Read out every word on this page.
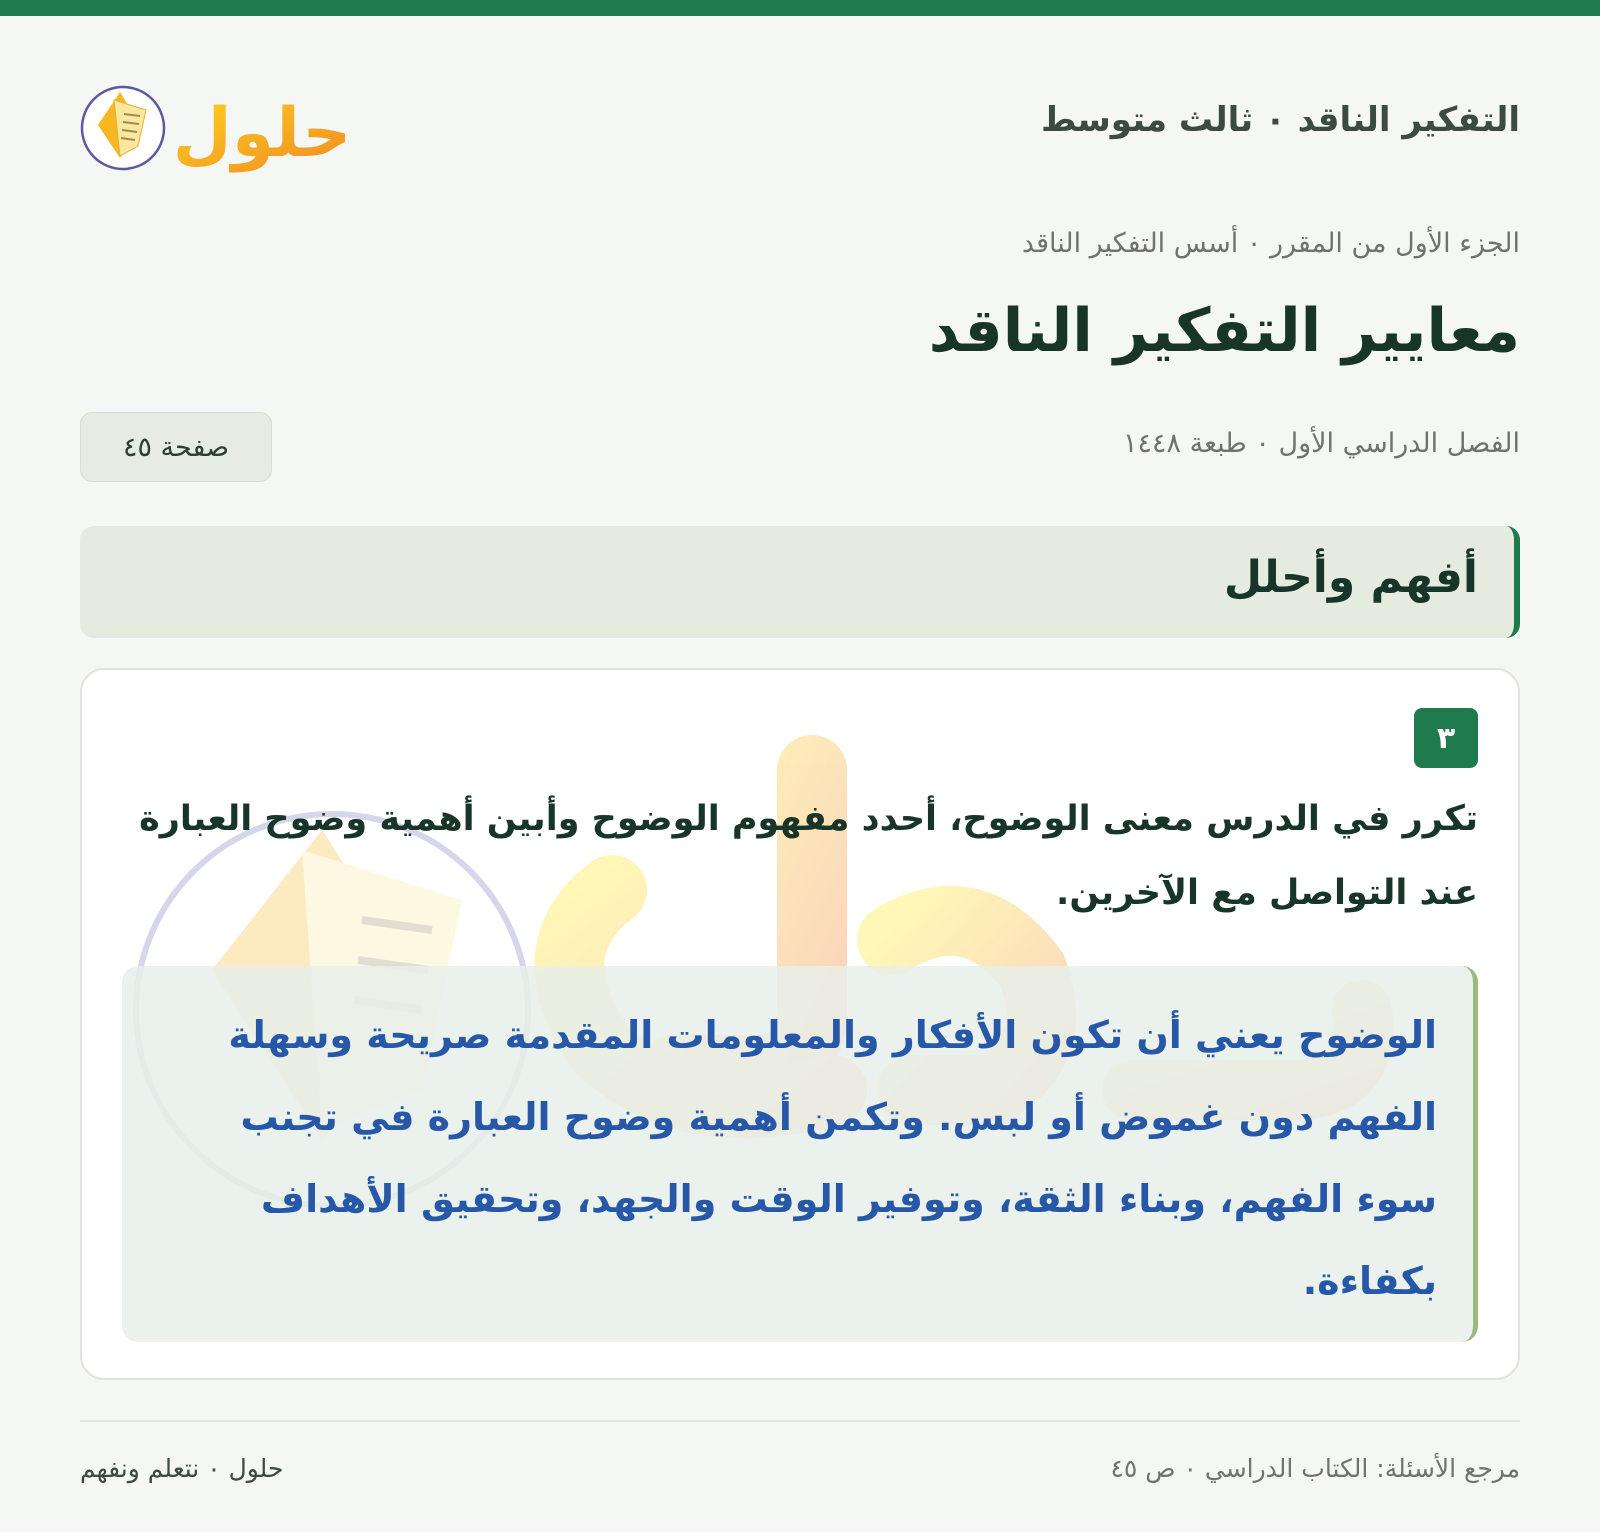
التفكير الناقد ٠ ثالث متوسط
حلول
الجزء الأول من المقرر ٠ أسس التفكير الناقد
معايير التفكير الناقد
الفصل الدراسي الأول ٠ طبعة ١٤٤٨
صفحة ٤٥
أفهم وأحلل
٣

تكرر في الدرس معنى الوضوح، أحدد مفهوم الوضوح وأبين أهمية وضوح العبارة عند التواصل مع الآخرين.

الوضوح يعني أن تكون الأفكار والمعلومات المقدمة صريحة وسهلة الفهم دون غموض أو لبس. وتكمن أهمية وضوح العبارة في تجنب سوء الفهم، وبناء الثقة، وتوفير الوقت والجهد، وتحقيق الأهداف بكفاءة.

حلول ٠ نتعلم ونفهم	مرجع الأسئلة: الكتاب الدراسي ٠ ص ٤٥
